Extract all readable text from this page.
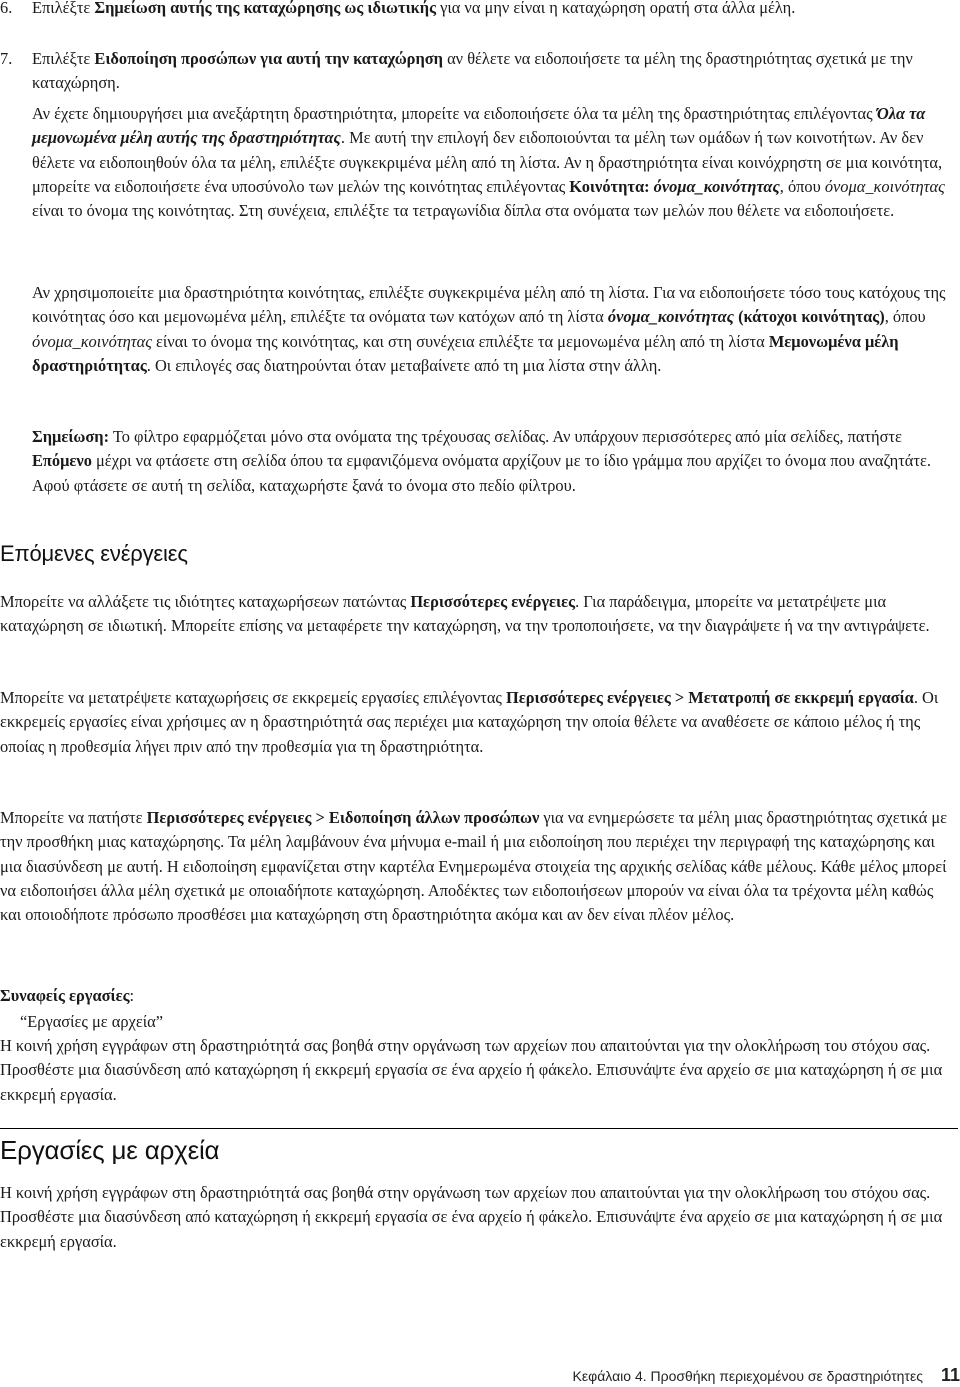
6. Επιλέξτε Σημείωση αυτής της καταχώρησης ως ιδιωτικής για να μην είναι η καταχώρηση ορατή στα άλλα μέλη.

7. Επιλέξτε Ειδοποίηση προσώπων για αυτή την καταχώρηση αν θέλετε να ειδοποιήσετε τα μέλη της δραστηριότητας σχετικά με την καταχώρηση.

Αν έχετε δημιουργήσει μια ανεξάρτητη δραστηριότητα, μπορείτε να ειδοποιήσετε όλα τα μέλη της δραστηριότητας επιλέγοντας Όλα τα μεμονωμένα μέλη αυτής της δραστηριότητας. Με αυτή την επιλογή δεν ειδοποιούνται τα μέλη των ομάδων ή των κοινοτήτων. Αν δεν θέλετε να ειδοποιηθούν όλα τα μέλη, επιλέξτε συγκεκριμένα μέλη από τη λίστα. Αν η δραστηριότητα είναι κοινόχρηστη σε μια κοινότητα, μπορείτε να ειδοποιήσετε ένα υποσύνολο των μελών της κοινότητας επιλέγοντας Κοινότητα: όνομα_κοινότητας, όπου όνομα_κοινότητας είναι το όνομα της κοινότητας. Στη συνέχεια, επιλέξτε τα τετραγωνίδια δίπλα στα ονόματα των μελών που θέλετε να ειδοποιήσετε.

Αν χρησιμοποιείτε μια δραστηριότητα κοινότητας, επιλέξτε συγκεκριμένα μέλη από τη λίστα. Για να ειδοποιήσετε τόσο τους κατόχους της κοινότητας όσο και μεμονωμένα μέλη, επιλέξτε τα ονόματα των κατόχων από τη λίστα όνομα_κοινότητας (κάτοχοι κοινότητας), όπου όνομα_κοινότητας είναι το όνομα της κοινότητας, και στη συνέχεια επιλέξτε τα μεμονωμένα μέλη από τη λίστα Μεμονωμένα μέλη δραστηριότητας. Οι επιλογές σας διατηρούνται όταν μεταβαίνετε από τη μια λίστα στην άλλη.

Σημείωση: Το φίλτρο εφαρμόζεται μόνο στα ονόματα της τρέχουσας σελίδας. Αν υπάρχουν περισσότερες από μία σελίδες, πατήστε Επόμενο μέχρι να φτάσετε στη σελίδα όπου τα εμφανιζόμενα ονόματα αρχίζουν με το ίδιο γράμμα που αρχίζει το όνομα που αναζητάτε. Αφού φτάσετε σε αυτή τη σελίδα, καταχωρήστε ξανά το όνομα στο πεδίο φίλτρου.

Επόμενες ενέργειες

Μπορείτε να αλλάξετε τις ιδιότητες καταχωρήσεων πατώντας Περισσότερες ενέργειες. Για παράδειγμα, μπορείτε να μετατρέψετε μια καταχώρηση σε ιδιωτική. Μπορείτε επίσης να μεταφέρετε την καταχώρηση, να την τροποποιήσετε, να την διαγράψετε ή να την αντιγράψετε.

Μπορείτε να μετατρέψετε καταχωρήσεις σε εκκρεμείς εργασίες επιλέγοντας Περισσότερες ενέργειες > Μετατροπή σε εκκρεμή εργασία. Οι εκκρεμείς εργασίες είναι χρήσιμες αν η δραστηριότητά σας περιέχει μια καταχώρηση την οποία θέλετε να αναθέσετε σε κάποιο μέλος ή της οποίας η προθεσμία λήγει πριν από την προθεσμία για τη δραστηριότητα.

Μπορείτε να πατήστε Περισσότερες ενέργειες > Ειδοποίηση άλλων προσώπων για να ενημερώσετε τα μέλη μιας δραστηριότητας σχετικά με την προσθήκη μιας καταχώρησης. Τα μέλη λαμβάνουν ένα μήνυμα e-mail ή μια ειδοποίηση που περιέχει την περιγραφή της καταχώρησης και μια διασύνδεση με αυτή. Η ειδοποίηση εμφανίζεται στην καρτέλα Ενημερωμένα στοιχεία της αρχικής σελίδας κάθε μέλους. Κάθε μέλος μπορεί να ειδοποιήσει άλλα μέλη σχετικά με οποιαδήποτε καταχώρηση. Αποδέκτες των ειδοποιήσεων μπορούν να είναι όλα τα τρέχοντα μέλη καθώς και οποιοδήποτε πρόσωπο προσθέσει μια καταχώρηση στη δραστηριότητα ακόμα και αν δεν είναι πλέον μέλος.

Συναφείς εργασίες:

“Εργασίες με αρχεία”

Η κοινή χρήση εγγράφων στη δραστηριότητά σας βοηθά στην οργάνωση των αρχείων που απαιτούνται για την ολοκλήρωση του στόχου σας. Προσθέστε μια διασύνδεση από καταχώρηση ή εκκρεμή εργασία σε ένα αρχείο ή φάκελο. Επισυνάψτε ένα αρχείο σε μια καταχώρηση ή σε μια εκκρεμή εργασία.

Εργασίες με αρχεία

Η κοινή χρήση εγγράφων στη δραστηριότητά σας βοηθά στην οργάνωση των αρχείων που απαιτούνται για την ολοκλήρωση του στόχου σας. Προσθέστε μια διασύνδεση από καταχώρηση ή εκκρεμή εργασία σε ένα αρχείο ή φάκελο. Επισυνάψτε ένα αρχείο σε μια καταχώρηση ή σε μια εκκρεμή εργασία.

Κεφάλαιο 4. Προσθήκη περιεχομένου σε δραστηριότητες 11
